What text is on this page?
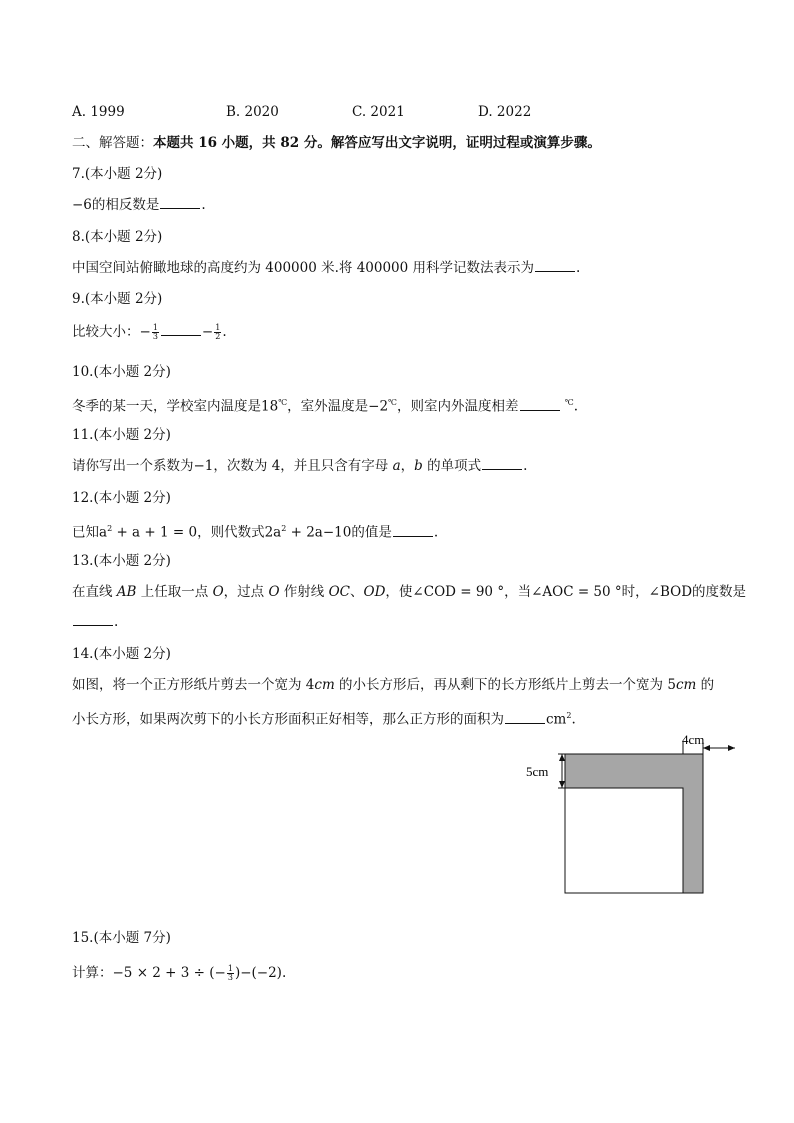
A. 1999	B. 2020	C. 2021	D. 2022
二、解答题：本题共 16 小题，共 82 分。解答应写出文字说明，证明过程或演算步骤。
7.(本小题 2分)
−6的相反数是	.
8.(本小题 2分)
中国空间站俯瞰地球的高度约为 400000 米.将 400000 用科学记数法表示为	.
9.(本小题 2分)
比较大小：− $\frac{1}{3}$	− $\frac{1}{2}$ .
10.(本小题 2分)
冬季的某一天，学校室内温度是18℃，室外温度是−2℃，则室内外温度相差	℃.
11.(本小题 2分)
请你写出一个系数为−1，次数为 4，并且只含有字母 a，b 的单项式	.
12.(本小题 2分)
已知$a^2 + a + 1 = 0$，则代数式$2a^2 + 2a-10$的值是	.
13.(本小题 2分)
在直线 AB 上任取一点 O，过点 O 作射线 OC、OD，使∠COD = 90 °，当∠AOC = 50 °时，∠BOD的度数是
.
14.(本小题 2分)
如图，将一个正方形纸片剪去一个宽为 4cm 的小长方形后，再从剩下的长方形纸片上剪去一个宽为 5cm 的
小长方形，如果两次剪下的小长方形面积正好相等，那么正方形的面积为	$cm^2$.
4cm
5cm
15.(本小题 7分)
计算：−5 × 2 + 3 ÷ (− $\frac{1}{3} )-(-2)$.
